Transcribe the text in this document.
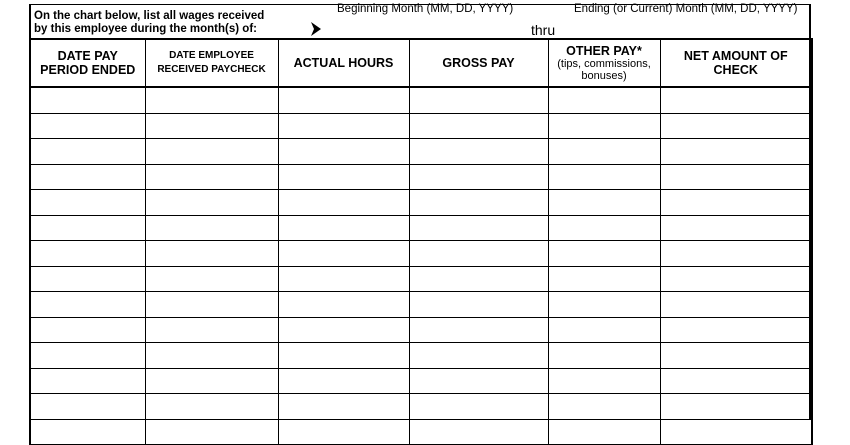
On the chart below, list all wages received
by this employee during the month(s) of:
Beginning Month (MM, DD, YYYY)
thru
Ending (or Current) Month (MM, DD, YYYY)
DATE PAY
PERIOD ENDED	DATE EMPLOYEE
RECEIVED PAYCHECK	ACTUAL HOURS	GROSS PAY	OTHER PAY*
(tips, commissions,
bonuses)	NET AMOUNT OF
CHECK
